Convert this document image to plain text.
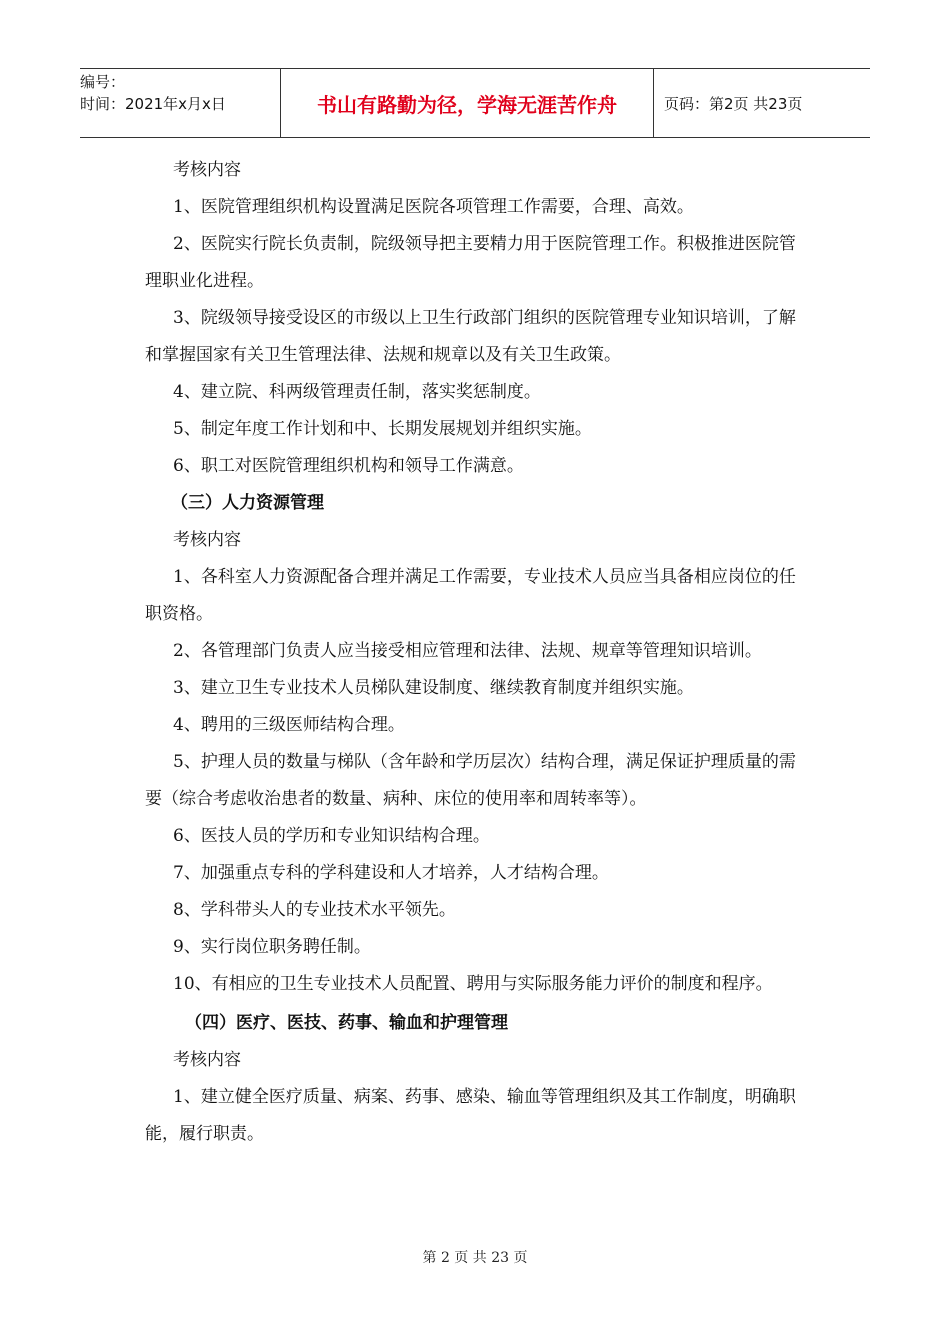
编号：
时间：2021年x月x日	书山有路勤为径，学海无涯苦作舟	页码：第2页 共23页

考核内容

1、医院管理组织机构设置满足医院各项管理工作需要，合理、高效。

2、医院实行院长负责制，院级领导把主要精力用于医院管理工作。积极推进医院管理职业化进程。

3、院级领导接受设区的市级以上卫生行政部门组织的医院管理专业知识培训，了解和掌握国家有关卫生管理法律、法规和规章以及有关卫生政策。

4、建立院、科两级管理责任制，落实奖惩制度。

5、制定年度工作计划和中、长期发展规划并组织实施。

6、职工对医院管理组织机构和领导工作满意。

（三）人力资源管理

考核内容

1、各科室人力资源配备合理并满足工作需要，专业技术人员应当具备相应岗位的任职资格。

2、各管理部门负责人应当接受相应管理和法律、法规、规章等管理知识培训。

3、建立卫生专业技术人员梯队建设制度、继续教育制度并组织实施。

4、聘用的三级医师结构合理。

5、护理人员的数量与梯队（含年龄和学历层次）结构合理，满足保证护理质量的需要（综合考虑收治患者的数量、病种、床位的使用率和周转率等）。

6、医技人员的学历和专业知识结构合理。

7、加强重点专科的学科建设和人才培养，人才结构合理。

8、学科带头人的专业技术水平领先。

9、实行岗位职务聘任制。

10、有相应的卫生专业技术人员配置、聘用与实际服务能力评价的制度和程序。

（四）医疗、医技、药事、输血和护理管理

考核内容

1、建立健全医疗质量、病案、药事、感染、输血等管理组织及其工作制度，明确职能，履行职责。

第 2 页 共 23 页
